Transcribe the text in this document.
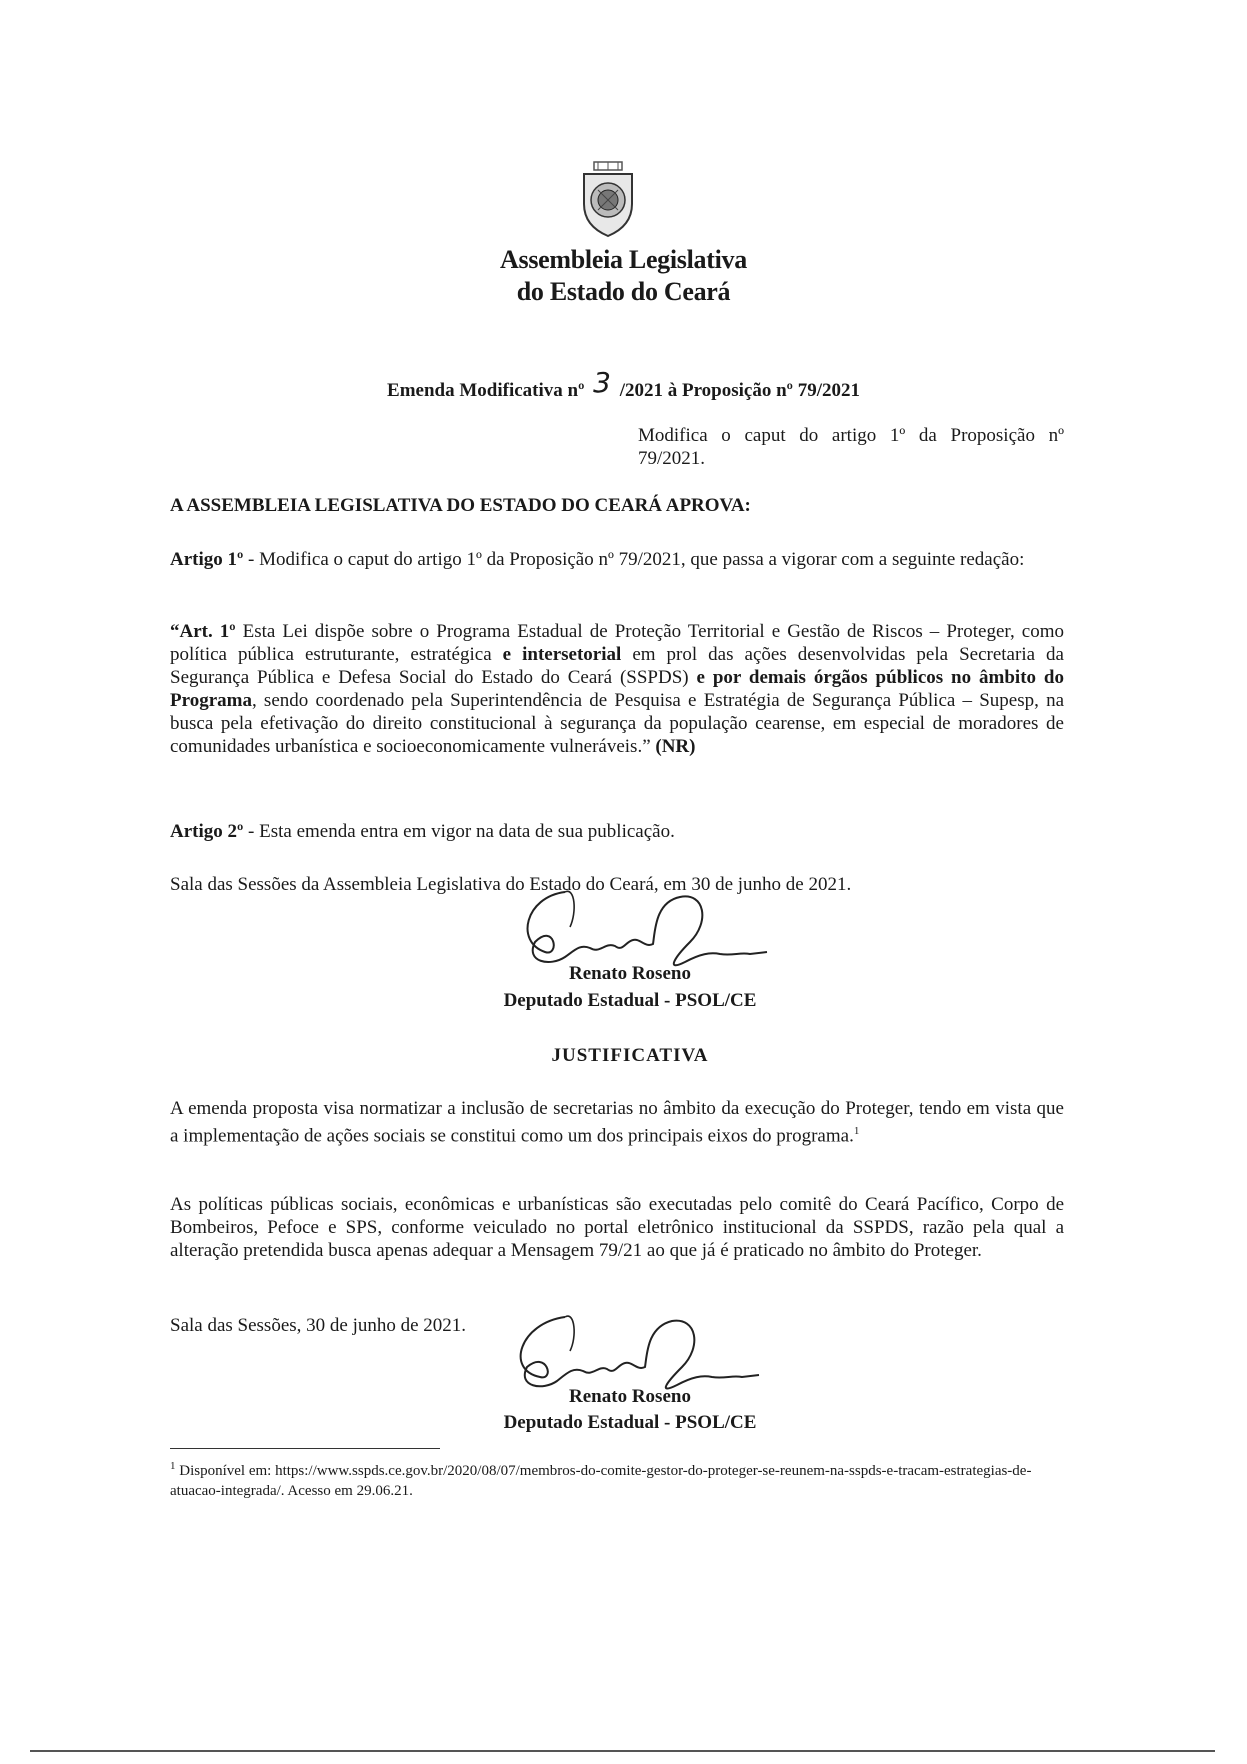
Assembleia Legislativa
do Estado do Ceará
Emenda Modificativa nº 3 /2021 à Proposição nº 79/2021
Modifica o caput do artigo 1º da Proposição nº 79/2021.
A ASSEMBLEIA LEGISLATIVA DO ESTADO DO CEARÁ APROVA:
Artigo 1º - Modifica o caput do artigo 1º da Proposição nº 79/2021, que passa a vigorar com a seguinte redação:
“Art. 1º Esta Lei dispõe sobre o Programa Estadual de Proteção Territorial e Gestão de Riscos – Proteger, como política pública estruturante, estratégica e intersetorial em prol das ações desenvolvidas pela Secretaria da Segurança Pública e Defesa Social do Estado do Ceará (SSPDS) e por demais órgãos públicos no âmbito do Programa, sendo coordenado pela Superintendência de Pesquisa e Estratégia de Segurança Pública – Supesp, na busca pela efetivação do direito constitucional à segurança da população cearense, em especial de moradores de comunidades urbanística e socioeconomicamente vulneráveis.” (NR)
Artigo 2º - Esta emenda entra em vigor na data de sua publicação.
Sala das Sessões da Assembleia Legislativa do Estado do Ceará, em 30 de junho de 2021.
Renato Roseno
Deputado Estadual - PSOL/CE
JUSTIFICATIVA
A emenda proposta visa normatizar a inclusão de secretarias no âmbito da execução do Proteger, tendo em vista que a implementação de ações sociais se constitui como um dos principais eixos do programa.$^1$
As políticas públicas sociais, econômicas e urbanísticas são executadas pelo comitê do Ceará Pacífico, Corpo de Bombeiros, Pefoce e SPS, conforme veiculado no portal eletrônico institucional da SSPDS, razão pela qual a alteração pretendida busca apenas adequar a Mensagem 79/21 ao que já é praticado no âmbito do Proteger.
Sala das Sessões, 30 de junho de 2021.
Renato Roseno
Deputado Estadual - PSOL/CE
$^1$ Disponível em: https://www.sspds.ce.gov.br/2020/08/07/membros-do-comite-gestor-do-proteger-se-reunem-na-sspds-e-tracam-estrategias-de-atuacao-integrada/. Acesso em 29.06.21.
